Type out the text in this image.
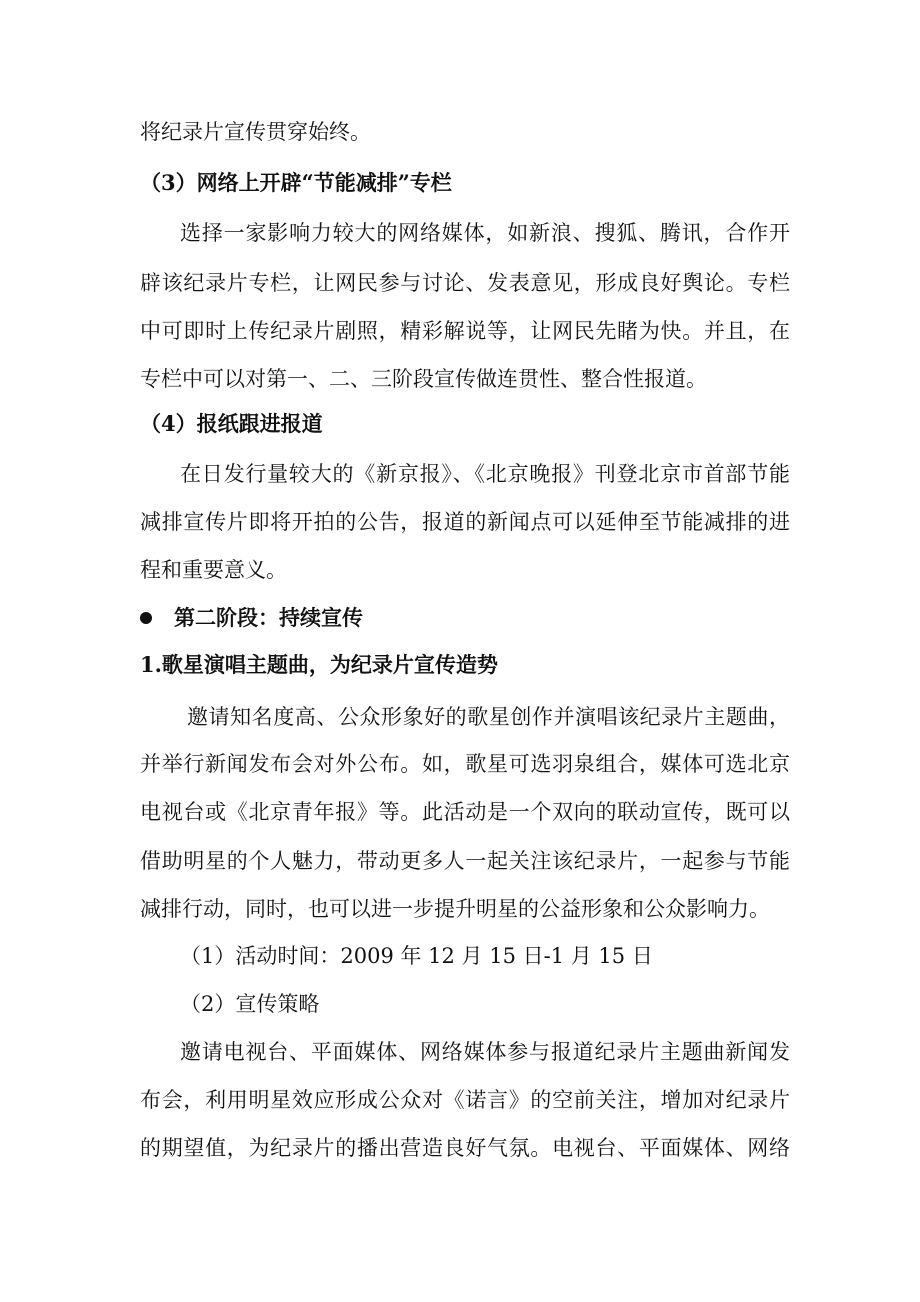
将纪录片宣传贯穿始终。
（3）网络上开辟“节能减排”专栏
选择一家影响力较大的网络媒体，如新浪、搜狐、腾讯，合作开
辟该纪录片专栏，让网民参与讨论、发表意见，形成良好舆论。专栏
中可即时上传纪录片剧照，精彩解说等，让网民先睹为快。并且，在
专栏中可以对第一、二、三阶段宣传做连贯性、整合性报道。
（4）报纸跟进报道
在日发行量较大的《新京报》、《北京晚报》刊登北京市首部节能
减排宣传片即将开拍的公告，报道的新闻点可以延伸至节能减排的进
程和重要意义。
第二阶段：持续宣传
1.歌星演唱主题曲，为纪录片宣传造势
邀请知名度高、公众形象好的歌星创作并演唱该纪录片主题曲，
并举行新闻发布会对外公布。如，歌星可选羽泉组合，媒体可选北京
电视台或《北京青年报》等。此活动是一个双向的联动宣传，既可以
借助明星的个人魅力，带动更多人一起关注该纪录片，一起参与节能
减排行动，同时，也可以进一步提升明星的公益形象和公众影响力。
（1）活动时间：2009 年 12 月 15 日-1 月 15 日
（2）宣传策略
邀请电视台、平面媒体、网络媒体参与报道纪录片主题曲新闻发
布会，利用明星效应形成公众对《诺言》的空前关注，增加对纪录片
的期望值，为纪录片的播出营造良好气氛。电视台、平面媒体、网络
